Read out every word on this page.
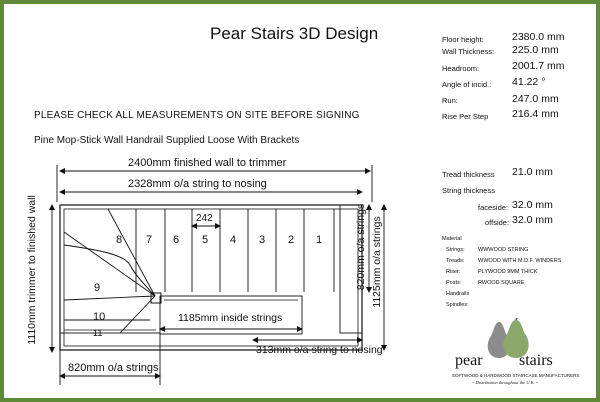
Pear Stairs 3D Design
PLEASE CHECK ALL MEASUREMENTS ON SITE BEFORE SIGNING
Pine Mop-Stick Wall Handrail Supplied Loose With Brackets
Floor height:	2380.0 mm
Wall Thickness: 225.0 mm
Headroom:	2001.7 mm
Angle of incid.: 41.22 °
Run:	247.0 mm
Rise Per Step 216.4 mm
Tread thickness 21.0 mm
String thickness
faceside: 32.0 mm
offside: 32.0 mm
Material
Strings: WWWOOD STRING
Treads: WWOOD WITH M.D.F. WINDERS
Riser:	PLYWOOD 9MM THICK
Posts:	RWOOD SQUARE
Handrails
Spindles:
1
2
3
4
5
6
7
8
9
10
11
2400mm finished wall to trimmer
2328mm o/a string to nosing
242
1185mm inside strings
313mm o/a string to nosing
820mm o/a strings
1110mm trimmer to finished wall	820mm o/a strings 1125mm o/a strings
pear stairs
SOFTWOOD & HARDWOOD STAIRCASE MANUFACTURERS
~ Distribution throughout the U.K. ~
